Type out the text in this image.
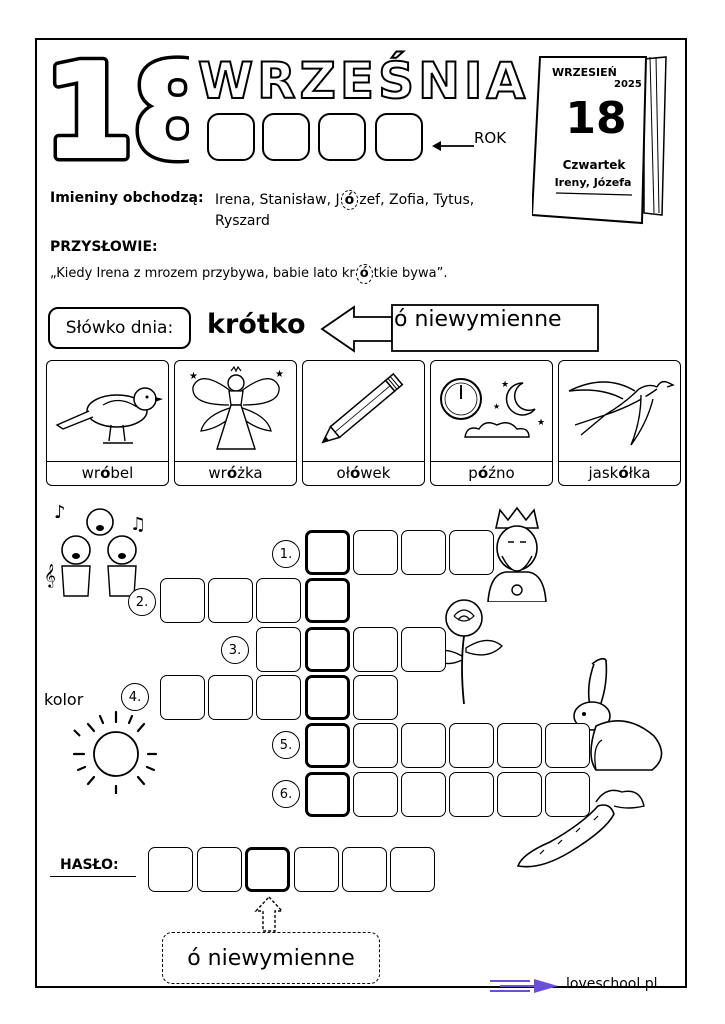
18
18
WRZEŚNIA
ROK
WRZESIEŃ
2025
18
Czwartek
Ireny, Józefa
Imieniny obchodzą: Irena, Stanisław, J ó zef, Zofia, Tytus,
Ryszard
PRZYSŁOWIE:
„Kiedy Irena z mrozem przybywa, babie lato kr ó tkie bywa”.
Słówko dnia:	krótko	ó niewymienne
wróbel
★	★
wróżka	ołówek
★
★
★
późno	jaskółka
♪
♫
𝄞
kolor
1.
2.
3.
4.
5.
6.
HASŁO:
ó niewymienne
loveschool.pl
